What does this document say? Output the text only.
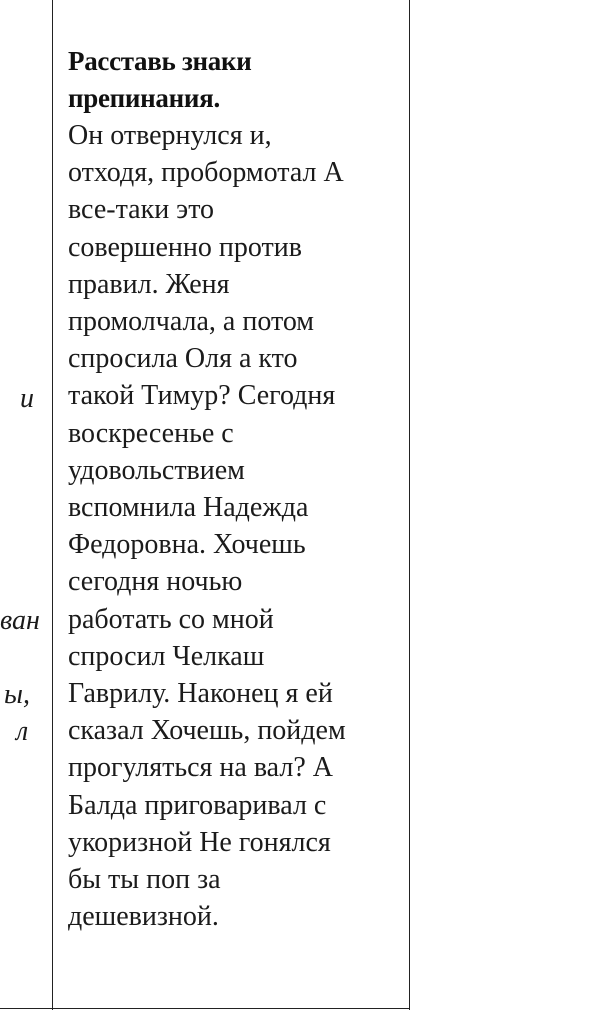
и
ван
ы,
л
Расставь знаки
препинания.
Он отвернулся и,
отходя, пробормотал А
все-таки это
совершенно против
правил. Женя
промолчала, а потом
спросила Оля а кто
такой Тимур? Сегодня
воскресенье с
удовольствием
вспомнила Надежда
Федоровна. Хочешь
сегодня ночью
работать со мной
спросил Челкаш
Гаврилу. Наконец я ей
сказал Хочешь, пойдем
прогуляться на вал? А
Балда приговаривал с
укоризной Не гонялся
бы ты поп за
дешевизной.
